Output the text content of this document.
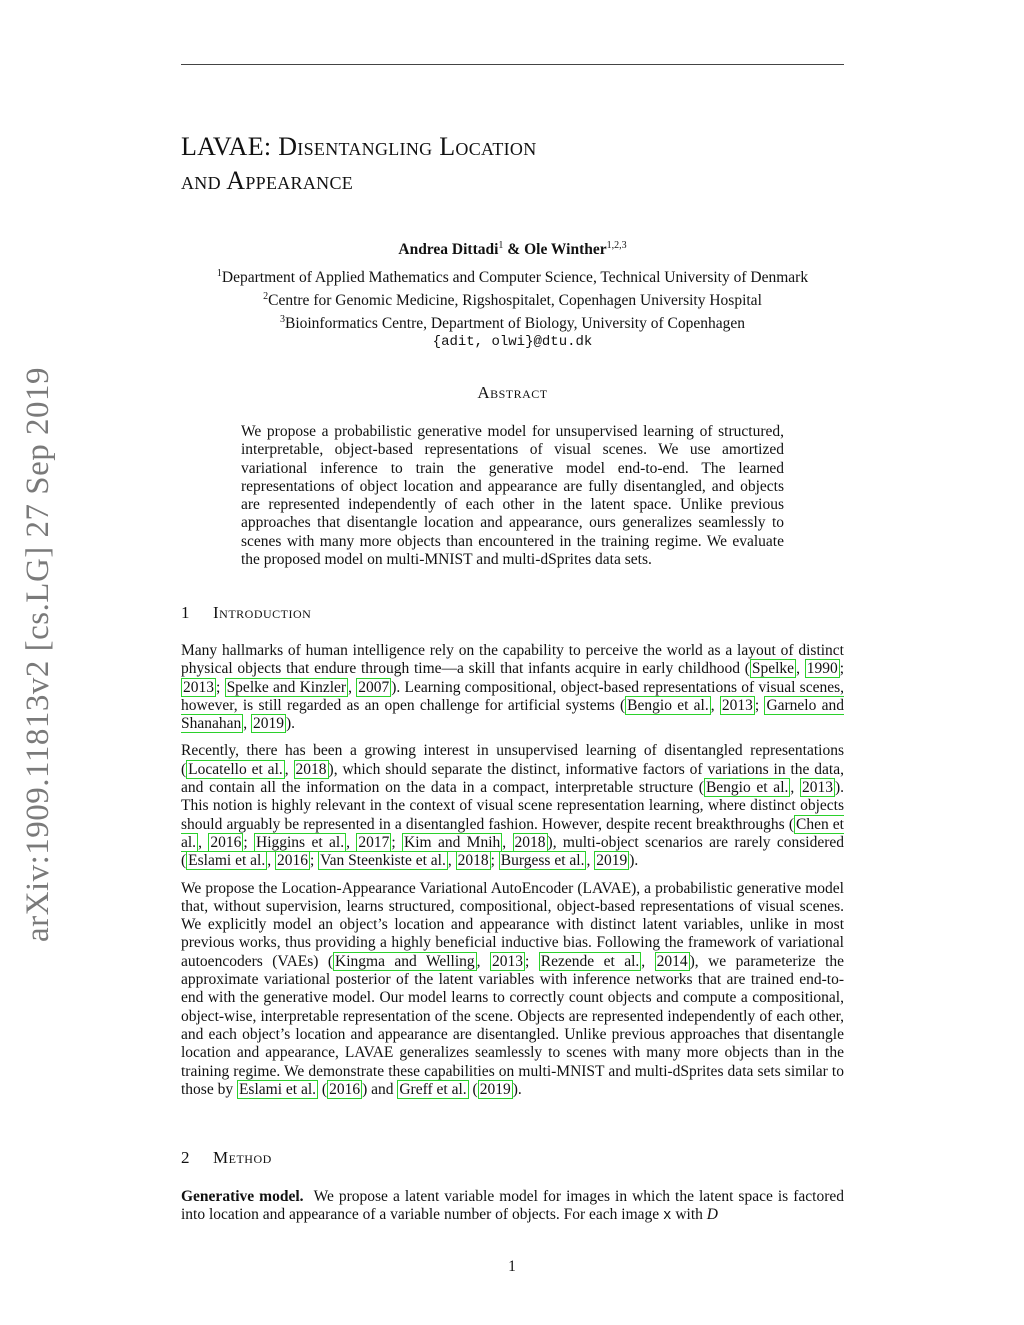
LAVAE: Disentangling Location
and Appearance
Andrea Dittadi$^1$ & Ole Winther$^{1,2,3}$
$^1$Department of Applied Mathematics and Computer Science, Technical University of Denmark
$^2$Centre for Genomic Medicine, Rigshospitalet, Copenhagen University Hospital
$^3$Bioinformatics Centre, Department of Biology, University of Copenhagen
{adit, olwi}@dtu.dk
Abstract
We propose a probabilistic generative model for unsupervised learning of structured, interpretable, object-based representations of visual scenes. We use amortized variational inference to train the generative model end-to-end. The learned representations of object location and appearance are fully disentangled, and objects are represented independently of each other in the latent space. Unlike previous approaches that disentangle location and appearance, ours generalizes seamlessly to scenes with many more objects than encountered in the training regime. We evaluate the proposed model on multi-MNIST and multi-dSprites data sets.
1 Introduction

Many hallmarks of human intelligence rely on the capability to perceive the world as a layout of distinct physical objects that endure through time—a skill that infants acquire in early childhood ( Spelke , 1990 ; 2013 ; Spelke and Kinzler , 2007 ). Learning compositional, object-based representations of visual scenes, however, is still regarded as an open challenge for artificial systems ( Bengio et al. , 2013 ; Garnelo and Shanahan , 2019 ).

Recently, there has been a growing interest in unsupervised learning of disentangled representations ( Locatello et al. , 2018 ), which should separate the distinct, informative factors of variations in the data, and contain all the information on the data in a compact, interpretable structure ( Bengio et al. , 2013 ). This notion is highly relevant in the context of visual scene representation learning, where distinct objects should arguably be represented in a disentangled fashion. However, despite recent breakthroughs ( Chen et al. , 2016 ; Higgins et al. , 2017 ; Kim and Mnih , 2018 ), multi-object scenarios are rarely considered ( Eslami et al. , 2016 ; Van Steenkiste et al. , 2018 ; Burgess et al. , 2019 ).

We propose the Location-Appearance Variational AutoEncoder (LAVAE), a probabilistic generative model that, without supervision, learns structured, compositional, object-based representations of visual scenes. We explicitly model an object’s location and appearance with distinct latent variables, unlike in most previous works, thus providing a highly beneficial inductive bias. Following the framework of variational autoencoders (VAEs) ( Kingma and Welling , 2013 ; Rezende et al. , 2014 ), we parameterize the approximate variational posterior of the latent variables with inference networks that are trained end-to-end with the generative model. Our model learns to correctly count objects and compute a compositional, object-wise, interpretable representation of the scene. Objects are represented independently of each other, and each object’s location and appearance are disentangled. Unlike previous approaches that disentangle location and appearance, LAVAE generalizes seamlessly to scenes with many more objects than in the training regime. We demonstrate these capabilities on multi-MNIST and multi-dSprites data sets similar to those by Eslami et al. ( 2016 ) and Greff et al. ( 2019 ).

2 Method

Generative model. We propose a latent variable model for images in which the latent space is factored into location and appearance of a variable number of objects. For each image x with D

1
arXiv:1909.11813v2 [cs.LG] 27 Sep 2019
